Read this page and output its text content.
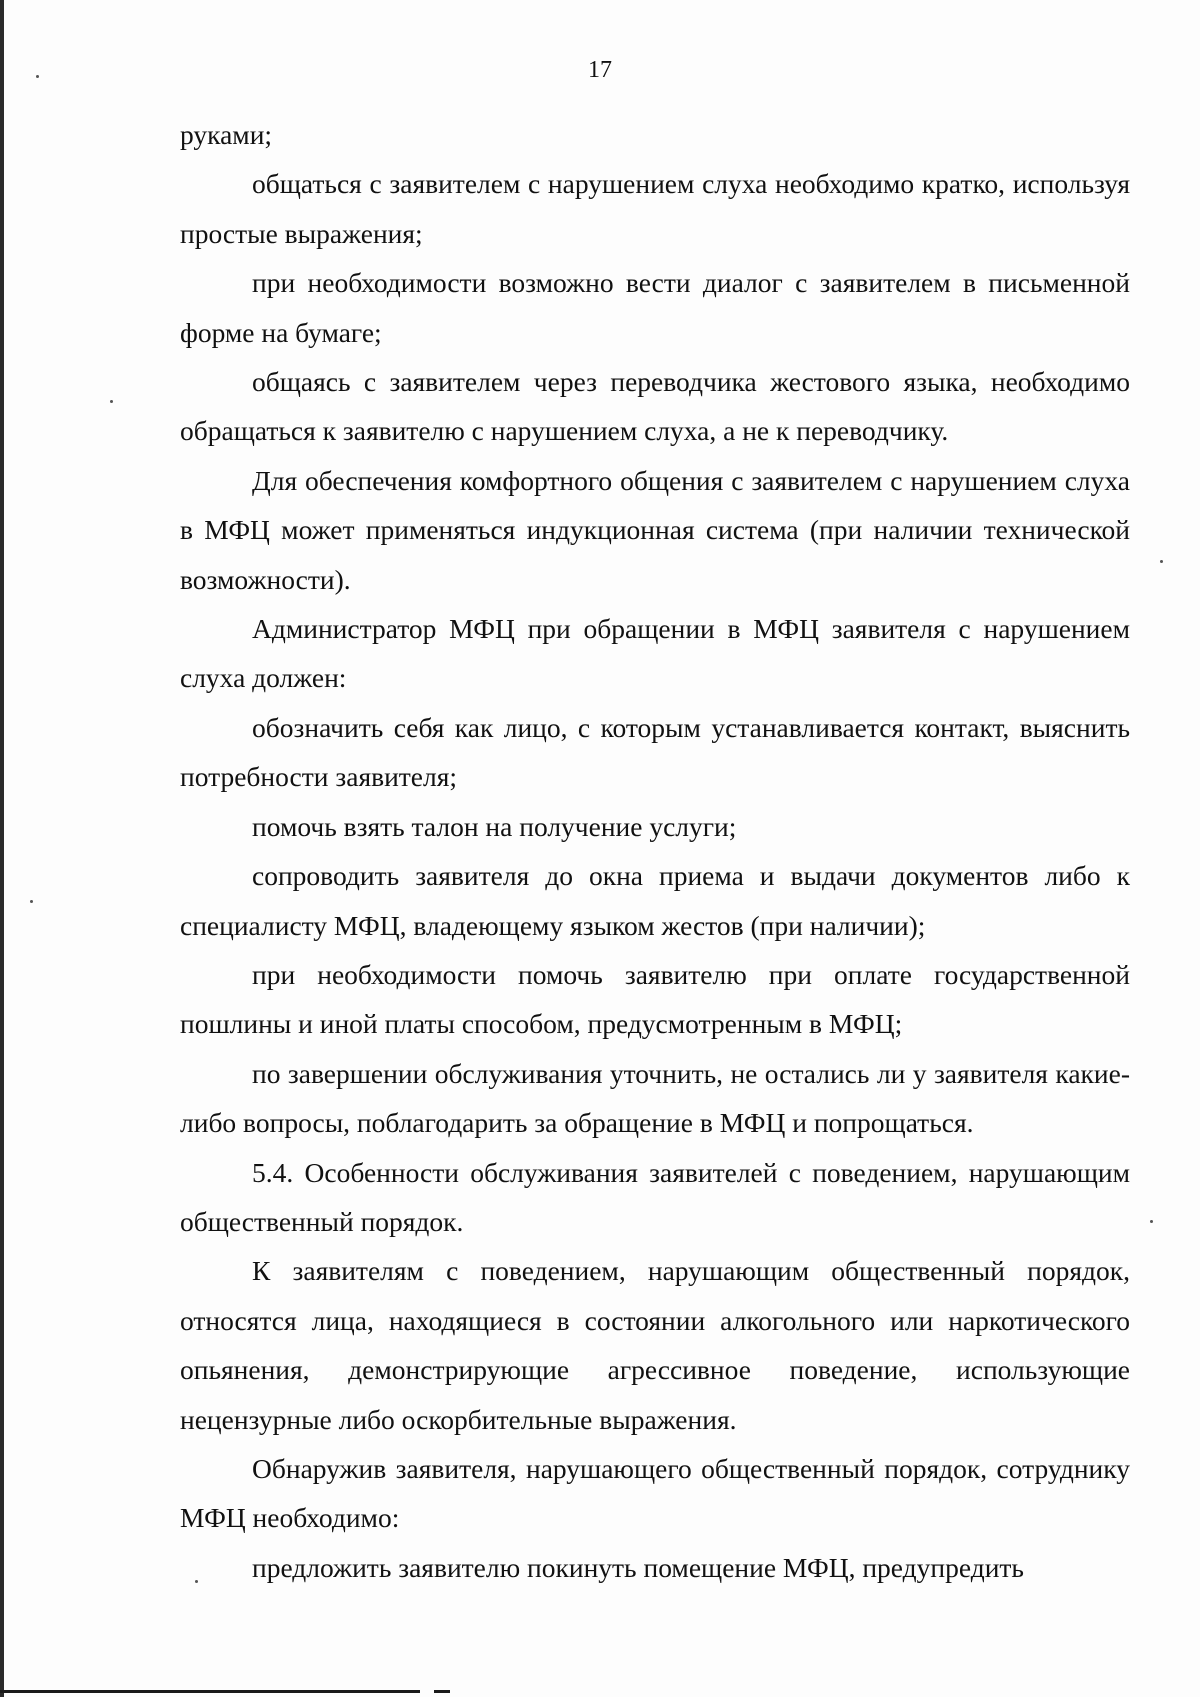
17

руками;

общаться с заявителем с нарушением слуха необходимо кратко, используя простые выражения;

при необходимости возможно вести диалог с заявителем в письменной форме на бумаге;

общаясь с заявителем через переводчика жестового языка, необходимо обращаться к заявителю с нарушением слуха, а не к переводчику.

Для обеспечения комфортного общения с заявителем с нарушением слуха в МФЦ может применяться индукционная система (при наличии технической возможности).

Администратор МФЦ при обращении в МФЦ заявителя с нарушением слуха должен:

обозначить себя как лицо, с которым устанавливается контакт, выяснить потребности заявителя;

помочь взять талон на получение услуги;

сопроводить заявителя до окна приема и выдачи документов либо к специалисту МФЦ, владеющему языком жестов (при наличии);

при необходимости помочь заявителю при оплате государственной пошлины и иной платы способом, предусмотренным в МФЦ;

по завершении обслуживания уточнить, не остались ли у заявителя какие-либо вопросы, поблагодарить за обращение в МФЦ и попрощаться.

5.4. Особенности обслуживания заявителей с поведением, нарушающим общественный порядок.

К заявителям с поведением, нарушающим общественный порядок, относятся лица, находящиеся в состоянии алкогольного или наркотического опьянения, демонстрирующие агрессивное поведение, использующие нецензурные либо оскорбительные выражения.

Обнаружив заявителя, нарушающего общественный порядок, сотруднику МФЦ необходимо:

предложить заявителю покинуть помещение МФЦ, предупредить
